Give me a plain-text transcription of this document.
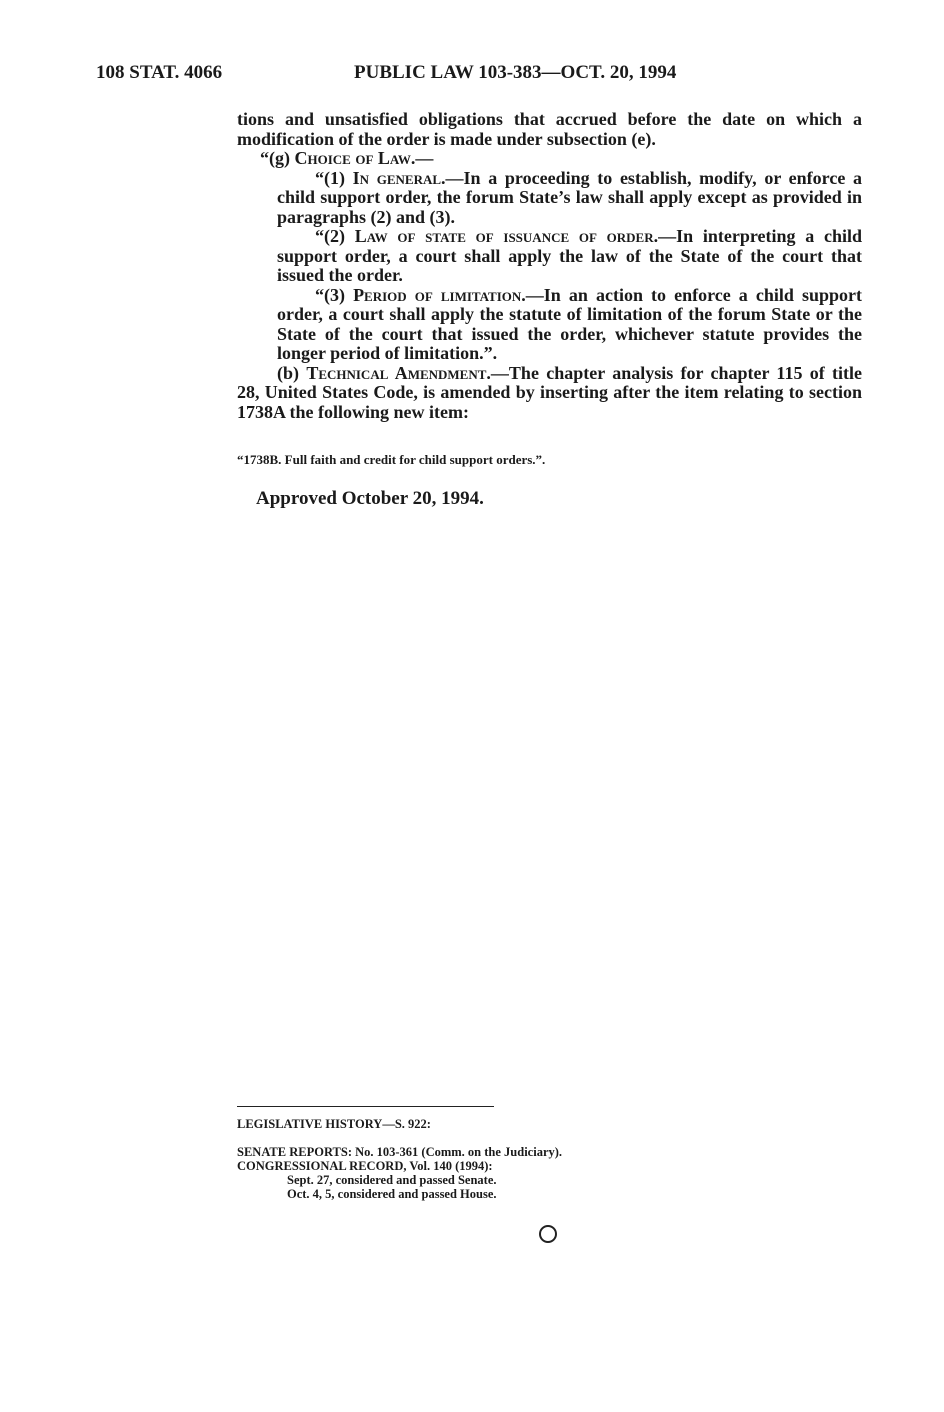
108 STAT. 4066	PUBLIC LAW 103-383—OCT. 20, 1994

tions and unsatisfied obligations that accrued before the date on which a modification of the order is made under subsection (e).

“(g) Choice of Law.—

“(1) In general.—In a proceeding to establish, modify, or enforce a child support order, the forum State’s law shall apply except as provided in paragraphs (2) and (3).

“(2) Law of state of issuance of order.—In interpreting a child support order, a court shall apply the law of the State of the court that issued the order.

“(3) Period of limitation.—In an action to enforce a child support order, a court shall apply the statute of limitation of the forum State or the State of the court that issued the order, whichever statute provides the longer period of limitation.”.

(b) Technical Amendment.—The chapter analysis for chapter 115 of title 28, United States Code, is amended by inserting after the item relating to section 1738A the following new item:

“1738B. Full faith and credit for child support orders.”.
Approved October 20, 1994.
LEGISLATIVE HISTORY—S. 922:
SENATE REPORTS: No. 103-361 (Comm. on the Judiciary).
CONGRESSIONAL RECORD, Vol. 140 (1994):
Sept. 27, considered and passed Senate.
Oct. 4, 5, considered and passed House.
